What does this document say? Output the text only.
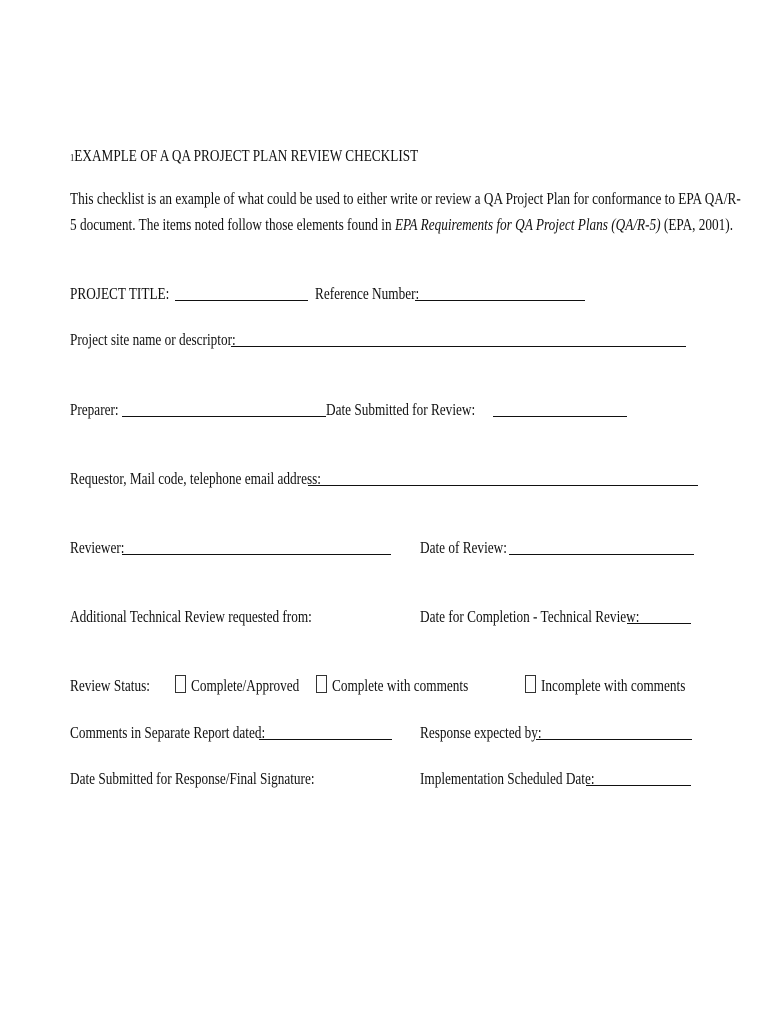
$^1$EXAMPLE OF A QA PROJECT PLAN REVIEW CHECKLIST
This checklist is an example of what could be used to either write or review a QA Project Plan for conformance to EPA QA/R-
5 document. The items noted follow those elements found in EPA Requirements for QA Project Plans (QA/R-5) (EPA, 2001).
PROJECT TITLE:	Reference Number:
Project site name or descriptor:
Preparer:	Date Submitted for Review:
Requestor, Mail code, telephone email address:
Reviewer:	Date of Review:
Additional Technical Review requested from:	Date for Completion - Technical Review:
Review Status:	Complete/Approved	Complete with comments	Incomplete with comments
Comments in Separate Report dated:	Response expected by:
Date Submitted for Response/Final Signature:	Implementation Scheduled Date:
